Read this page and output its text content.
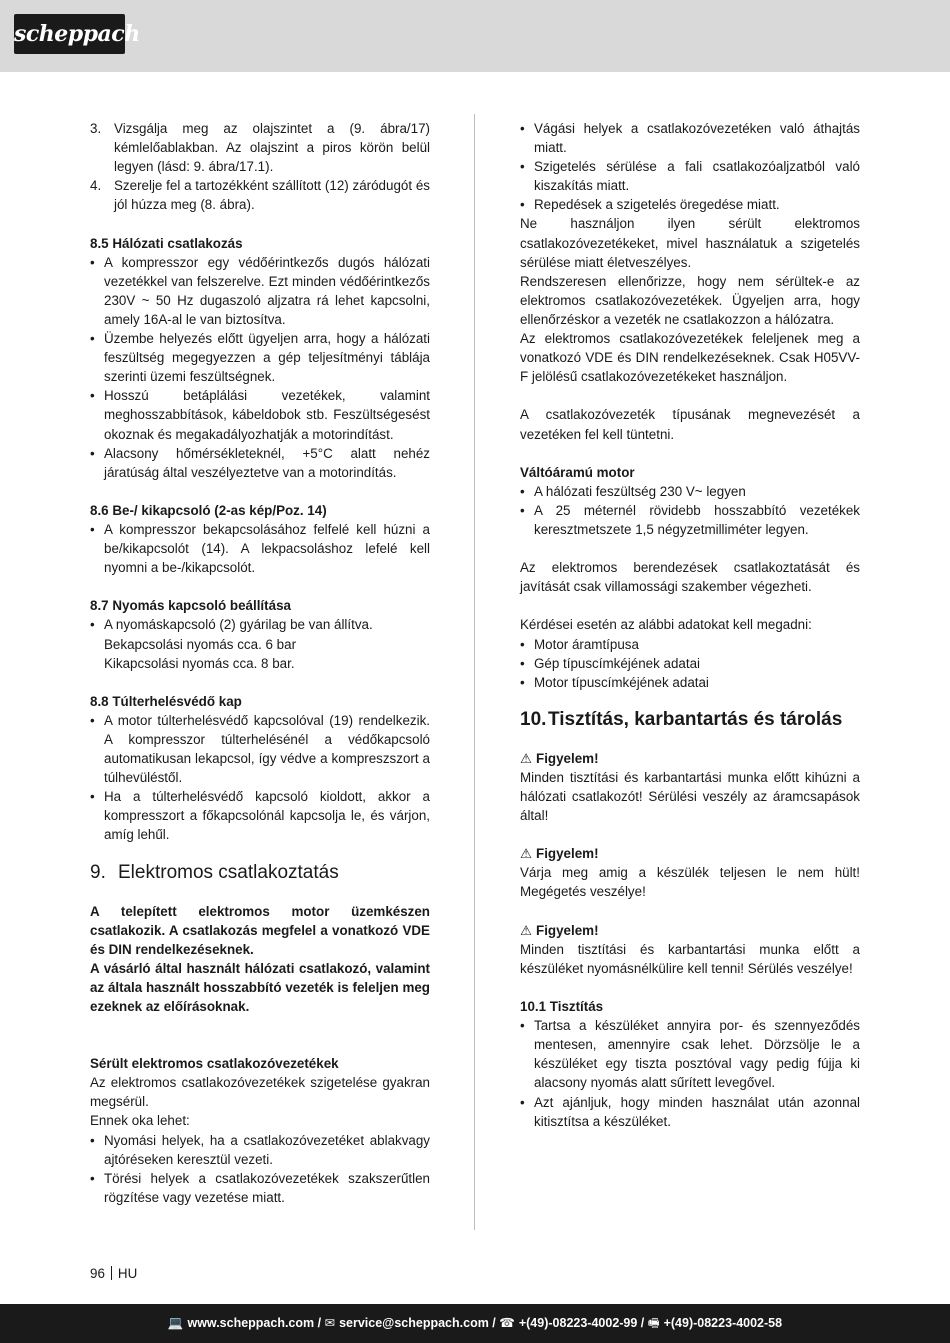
scheppach
3. Vizsgálja meg az olajszintet a (9. ábra/17) kémlelőablakban. Az olajszint a piros körön belül legyen (lásd: 9. ábra/17.1).
4. Szerelje fel a tartozékként szállított (12) záródugót és jól húzza meg (8. ábra).
8.5 Hálózati csatlakozás
• A kompresszor egy védőérintkezős dugós hálózati vezetékkel van felszerelve. Ezt minden védőérintkezős 230V ~ 50 Hz dugaszoló aljzatra rá lehet kapcsolni, amely 16A-al le van biztosítva.
• Üzembe helyezés előtt ügyeljen arra, hogy a hálózati feszültség megegyezzen a gép teljesítményi táblája szerinti üzemi feszültségnek.
• Hosszú betáplálási vezetékek, valamint meghosszabbítások, kábeldobok stb. Feszültségesést okoznak és megakadályozhatják a motorindítást.
• Alacsony hőmérsékleteknél, +5°C alatt nehéz járatúság által veszélyeztetve van a motorindítás.
8.6 Be-/ kikapcsoló (2-as kép/Poz. 14)
• A kompresszor bekapcsolásához felfelé kell húzni a be/kikapcsolót (14). A lekpacsoláshoz lefelé kell nyomni a be-/kikapcsolót.
8.7 Nyomás kapcsoló beállítása
• A nyomáskapcsoló (2) gyárilag be van állítva.
Bekapcsolási nyomás cca. 6 bar
Kikapcsolási nyomás cca. 8 bar.
8.8 Túlterhelésvédő kap
• A motor túlterhelésvédő kapcsolóval (19) rendelkezik. A kompresszor túlterhelésénél a védőkapcsoló automatikusan lekapcsol, így védve a kompreszszort a túlhevüléstől.
• Ha a túlterhelésvédő kapcsoló kioldott, akkor a kompresszort a főkapcsolónál kapcsolja le, és várjon, amíg lehűl.
9. Elektromos csatlakoztatás

A telepített elektromos motor üzemkészen csatlakozik. A csatlakozás megfelel a vonatkozó VDE és DIN rendelkezéseknek.

A vásárló által használt hálózati csatlakozó, valamint az általa használt hosszabbító vezeték is feleljen meg ezeknek az előírásoknak.

Sérült elektromos csatlakozóvezetékek

Az elektromos csatlakozóvezetékek szigetelése gyakran megsérül.

Ennek oka lehet:

• Nyomási helyek, ha a csatlakozóvezetéket ablakvagy ajtóréseken keresztül vezeti.
• Törési helyek a csatlakozóvezetékek szakszerűtlen rögzítése vagy vezetése miatt.
• Vágási helyek a csatlakozóvezetéken való áthajtás miatt.
• Szigetelés sérülése a fali csatlakozóaljzatból való kiszakítás miatt.
• Repedések a szigetelés öregedése miatt.

Ne használjon ilyen sérült elektromos csatlakozóvezetékeket, mivel használatuk a szigetelés sérülése miatt életveszélyes.

Rendszeresen ellenőrizze, hogy nem sérültek-e az elektromos csatlakozóvezetékek. Ügyeljen arra, hogy ellenőrzéskor a vezeték ne csatlakozzon a hálózatra.

Az elektromos csatlakozóvezetékek feleljenek meg a vonatkozó VDE és DIN rendelkezéseknek. Csak H05VV-F jelölésű csatlakozóvezetékeket használjon.

A csatlakozóvezeték típusának megnevezését a vezetéken fel kell tüntetni.

Váltóáramú motor
• A hálózati feszültség 230 V~ legyen
• A 25 méternél rövidebb hosszabbító vezetékek keresztmetszete 1,5 négyzetmilliméter legyen.

Az elektromos berendezések csatlakoztatását és javítását csak villamossági szakember végezheti.

Kérdései esetén az alábbi adatokat kell megadni:

• Motor áramtípusa
• Gép típuscímkéjének adatai
• Motor típuscímkéjének adatai
10.Tisztítás, karbantartás és tárolás
⚠ Figyelem!

Minden tisztítási és karbantartási munka előtt kihúzni a hálózati csatlakozót! Sérülési veszély az áramcsapások által!

⚠ Figyelem!

Várja meg amig a készülék teljesen le nem hült! Megégetés veszélye!

⚠ Figyelem!

Minden tisztítási és karbantartási munka előtt a készüléket nyomásnélkülire kell tenni! Sérülés veszélye!

10.1 Tisztítás
• Tartsa a készüléket annyira por- és szennyeződés mentesen, amennyire csak lehet. Dörzsölje le a készüléket egy tiszta posztóval vagy pedig fújja ki alacsony nyomás alatt sűrített levegővel.
• Azt ajánljuk, hogy minden használat után azonnal kitisztítsa a készüléket.
96 HU
💻 www.scheppach.com / ✉ service@scheppach.com / ☎ +(49)-08223-4002-99 / 🖷 +(49)-08223-4002-58
